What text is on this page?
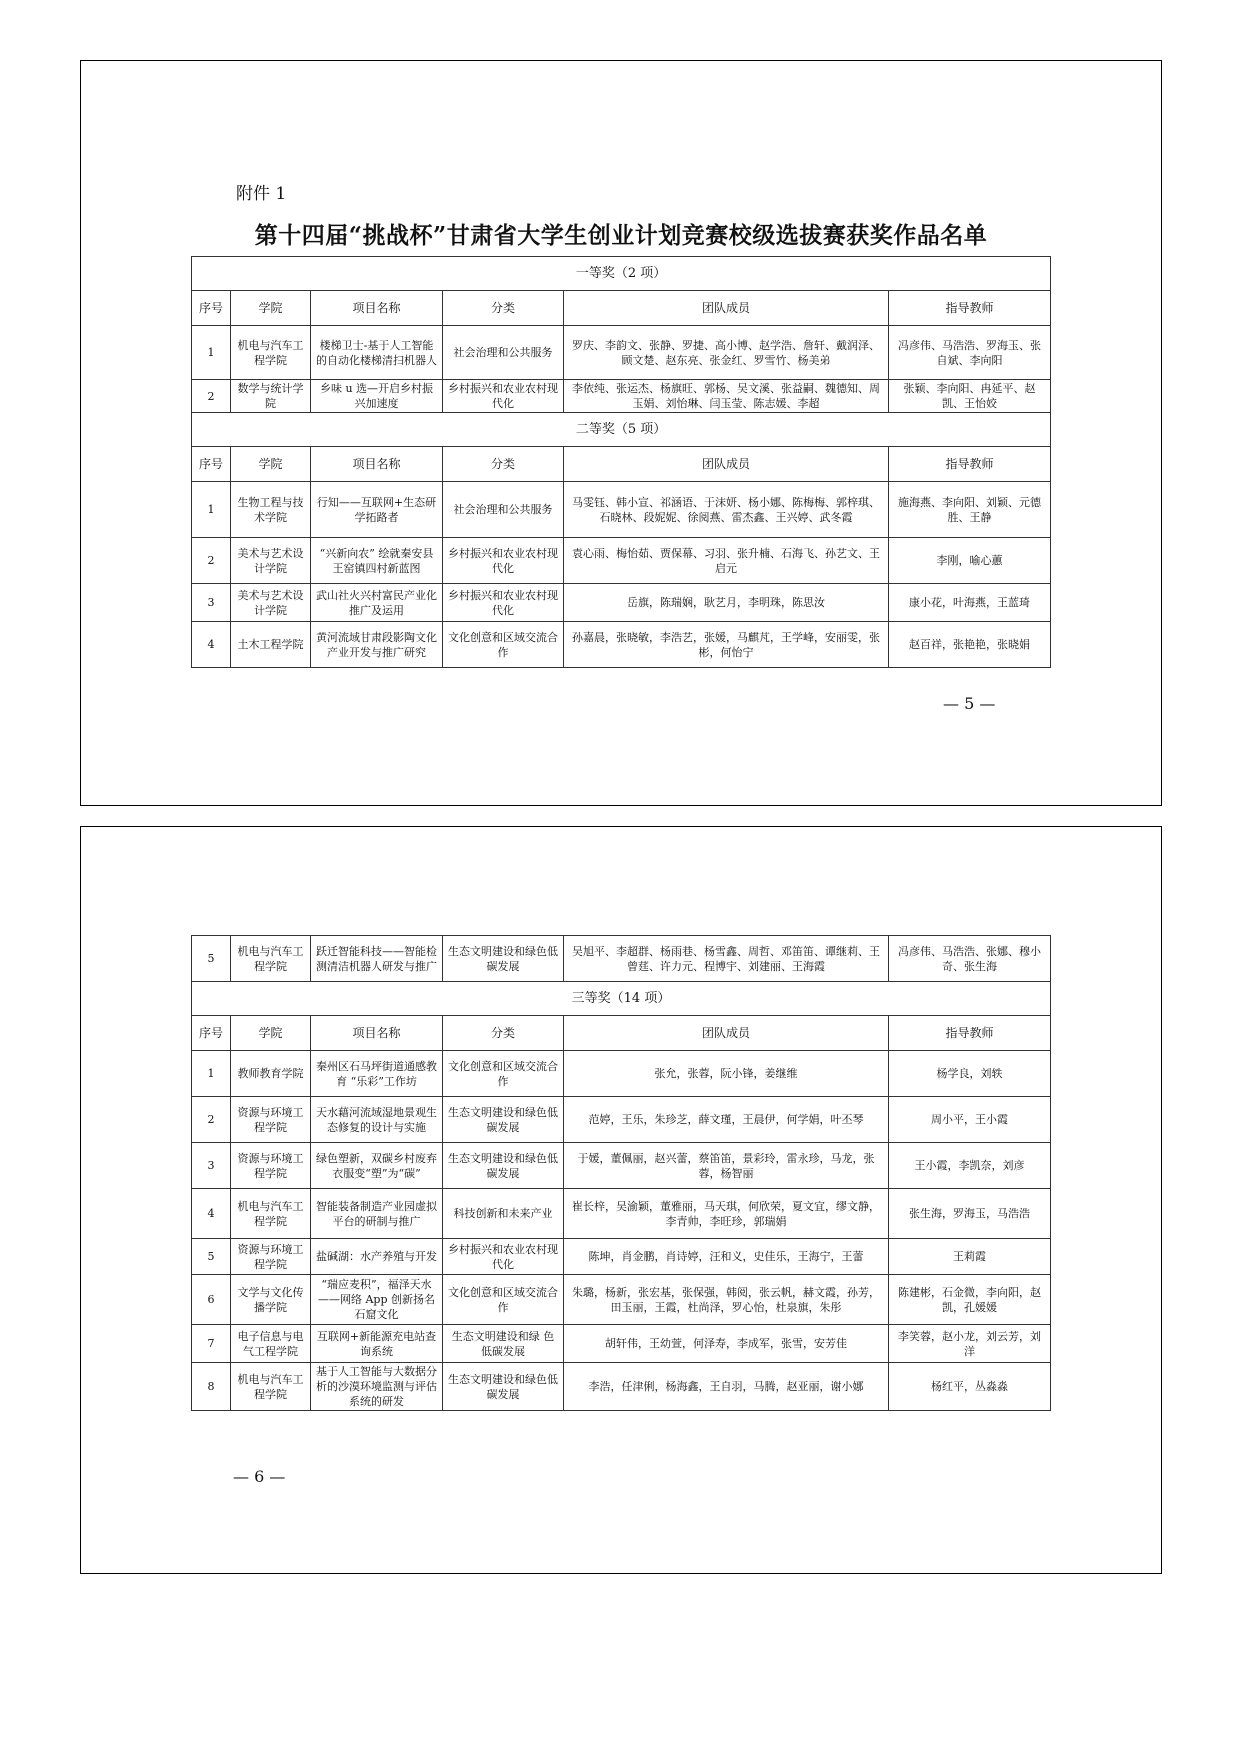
附件 1
第十四届“挑战杯”甘肃省大学生创业计划竞赛校级选拔赛获奖作品名单
一等奖（2 项）					
序号	学院	项目名称	分类	团队成员	指导教师
1	机电与汽车工程学院	楼梯卫士-基于人工智能的自动化楼梯清扫机器人	社会治理和公共服务	罗庆、李韵文、张静、罗捷、高小博、赵学浩、詹轩、戴润泽、顾文楚、赵东亮、张金红、罗雪竹、杨美弟	冯彦伟、马浩浩、罗海玉、张自斌、李向阳
2	数学与统计学院	乡味 u 选—开启乡村振兴加速度	乡村振兴和农业农村现代化	李依纯、张运杰、杨旗旺、郭杨、吴文溪、张益嗣、魏德知、周玉娟、刘怡琳、闫玉莹、陈志媛、李超	张颖、李向阳、冉延平、赵凯、王怡姣
二等奖（5 项）					
序号	学院	项目名称	分类	团队成员	指导教师
1	生物工程与技术学院	行知——互联网+生态研学拓路者	社会治理和公共服务	马雯钰、韩小宣、祁涵语、于沫妍、杨小娜、陈梅梅、郭梓琪、石晓林、段妮妮、徐阅燕、雷杰鑫、王兴婷、武冬霞	施海燕、李向阳、刘颖、元德胜、王静
2	美术与艺术设计学院	“兴新向农” 绘就秦安县王窑镇四村新蓝图	乡村振兴和农业农村现代化	袁心雨、梅怡茹、贾保幕、习羽、张升楠、石海飞、孙艺文、王启元	李刚，喻心蕙
3	美术与艺术设计学院	武山社火兴村富民产业化推广及运用	乡村振兴和农业农村现代化	岳旗，陈瑞娴，耿艺月，李明珠，陈思汝	康小花，叶海燕，王蓝琦
4	土木工程学院	黄河流域甘肃段影陶文化产业开发与推广研究	文化创意和区域交流合作	孙嘉晨，张晓敏，李浩艺，张媛，马麒芃，王学峰，安丽雯，张彬，何怡宁	赵百祥，张艳艳，张晓娟
— 5 —
5	机电与汽车工程学院	跃迁智能科技——智能检测清洁机器人研发与推广	生态文明建设和绿色低碳发展	吴旭平、李超群、杨雨巷、杨雪鑫、周哲、邓笛笛、谭继莉、王曾莛、许力元、程博宇、刘建丽、王海霞	冯彦伟、马浩浩、张娜、穆小奇、张生海
三等奖（14 项）					
序号	学院	项目名称	分类	团队成员	指导教师
1	教师教育学院	秦州区石马坪街道通感教育 “乐彩”工作坊	文化创意和区域交流合作	张允，张蓉，阮小锋，姜继维	杨学良，刘轶
2	资源与环境工程学院	天水藉河流域湿地景观生态修复的设计与实施	生态文明建设和绿色低碳发展	范婷，王乐，朱珍芝，薛文瑾，王晨伊，何学娟，叶丕琴	周小平，王小霞
3	资源与环境工程学院	绿色塑新，双碳乡村废弃衣服变“塑”为“碳”	生态文明建设和绿色低碳发展	于媛，董佩丽，赵兴蕾，蔡笛笛，景彩玲，雷永珍，马龙，张蓉，杨智丽	王小霞，李凯奈，刘彦
4	机电与汽车工程学院	智能装备制造产业园虚拟平台的研制与推广	科技创新和未来产业	崔长梓，吴渝颖，董雅丽，马天琪，何欣荣，夏文宜，缪文静，李青帅，李旺珍，郭瑞娟	张生海，罗海玉，马浩浩
5	资源与环境工程学院	盐碱湖：水产养殖与开发	乡村振兴和农业农村现代化	陈坤，肖金鹏，肖诗婷，汪和义，史佳乐，王海宁，王蕾	王莉霞
6	文学与文化传播学院	“瑞应麦积”，福泽天水——网络 App 创新扬名石窟文化	文化创意和区域交流合作	朱璐，杨新，张宏基，张保强，韩阅，张云帆，赫文霞，孙芳，田玉丽，王霞，杜尚泽，罗心怡，杜泉旗，朱彤	陈建彬，石金微，李向阳，赵凯，孔媛媛
7	电子信息与电气工程学院	互联网+新能源充电站查询系统	生态文明建设和绿 色低碳发展	胡轩伟，王幼萱，何泽寿，李成军，张雪，安芳佳	李笑蓉，赵小龙，刘云芳，刘洋
8	机电与汽车工程学院	基于人工智能与大数据分析的沙漠环境监测与评估系统的研发	生态文明建设和绿色低碳发展	李浩，任津俐，杨海鑫，王自羽，马腾，赵亚丽，谢小娜	杨红平，丛淼淼
— 6 —
